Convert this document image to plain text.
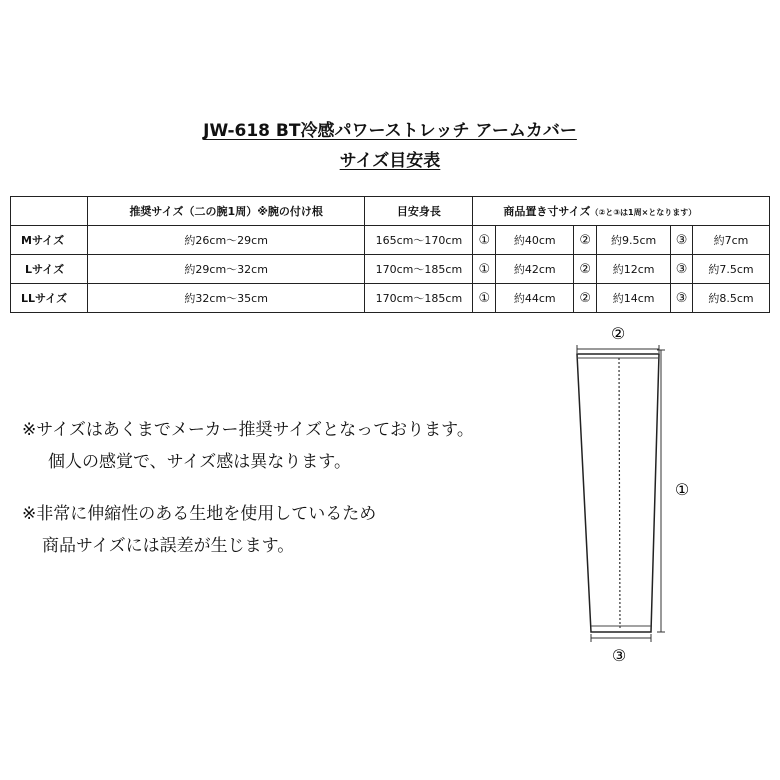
JW-618 BT冷感パワーストレッチ アームカバー
サイズ目安表
	推奨サイズ（二の腕1周）※腕の付け根	目安身長	商品置き寸サイズ（②と③は1周×となります）					
Mサイズ	約26cm〜29cm	165cm〜170cm	①	約40cm	②	約9.5cm	③	約7cm
Lサイズ	約29cm〜32cm	170cm〜185cm	①	約42cm	②	約12cm	③	約7.5cm
LLサイズ	約32cm〜35cm	170cm〜185cm	①	約44cm	②	約14cm	③	約8.5cm
※サイズはあくまでメーカー推奨サイズとなっております。
個人の感覚で、サイズ感は異なります。
※非常に伸縮性のある生地を使用しているため
商品サイズには誤差が生じます。
②
①
③
